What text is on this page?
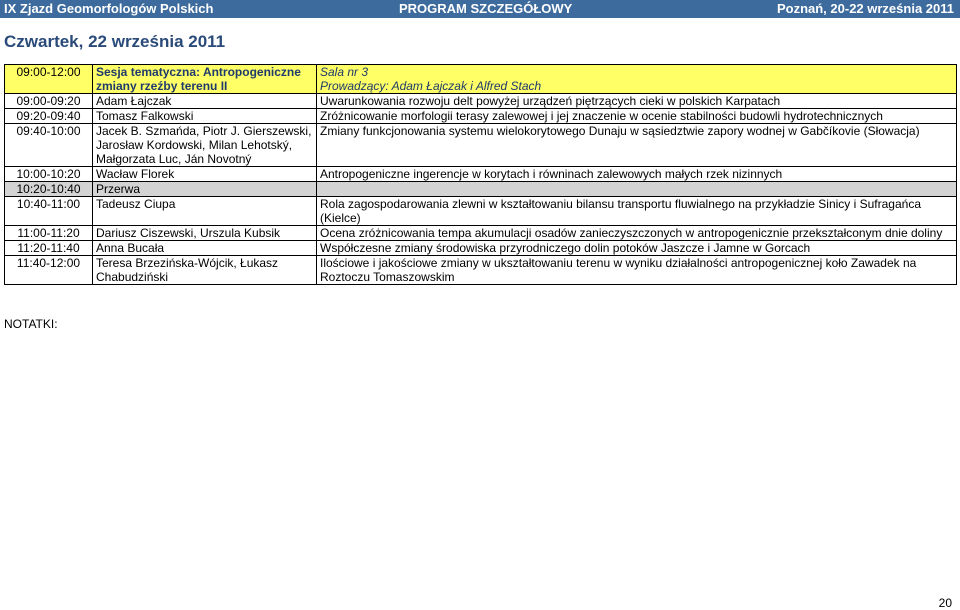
IX Zjazd Geomorfologów Polskich	PROGRAM SZCZEGÓŁOWY	Poznań, 20-22 września 2011
Czwartek, 22 września 2011
09:00-12:00	Sesja tematyczna: Antropogeniczne zmiany rzeźby terenu II	Sala nr 3
Prowadzący: Adam Łajczak i Alfred Stach

09:00-09:20	Adam Łajczak	Uwarunkowania rozwoju delt powyżej urządzeń piętrzących cieki w polskich Karpatach
09:20-09:40	Tomasz Falkowski	Zróżnicowanie morfologii terasy zalewowej i jej znaczenie w ocenie stabilności budowli hydrotechnicznych
09:40-10:00	Jacek B. Szmańda, Piotr J. Gierszewski, Jarosław Kordowski, Milan Lehotský, Małgorzata Luc, Ján Novotný	Zmiany funkcjonowania systemu wielokorytowego Dunaju w sąsiedztwie zapory wodnej w Gabčíkovie (Słowacja)
10:00-10:20	Wacław Florek	Antropogeniczne ingerencje w korytach i równinach zalewowych małych rzek nizinnych
10:20-10:40	Przerwa	
10:40-11:00	Tadeusz Ciupa	Rola zagospodarowania zlewni w kształtowaniu bilansu transportu fluwialnego na przykładzie Sinicy i Sufragańca (Kielce)
11:00-11:20	Dariusz Ciszewski, Urszula Kubsik	Ocena zróżnicowania tempa akumulacji osadów zanieczyszczonych w antropogenicznie przekształconym dnie doliny
11:20-11:40	Anna Bucała	Współczesne zmiany środowiska przyrodniczego dolin potoków Jaszcze i Jamne w Gorcach
11:40-12:00	Teresa Brzezińska-Wójcik, Łukasz Chabudziński	Ilościowe i jakościowe zmiany w ukształtowaniu terenu w wyniku działalności antropogenicznej koło Zawadek na Roztoczu Tomaszowskim
NOTATKI:
20
